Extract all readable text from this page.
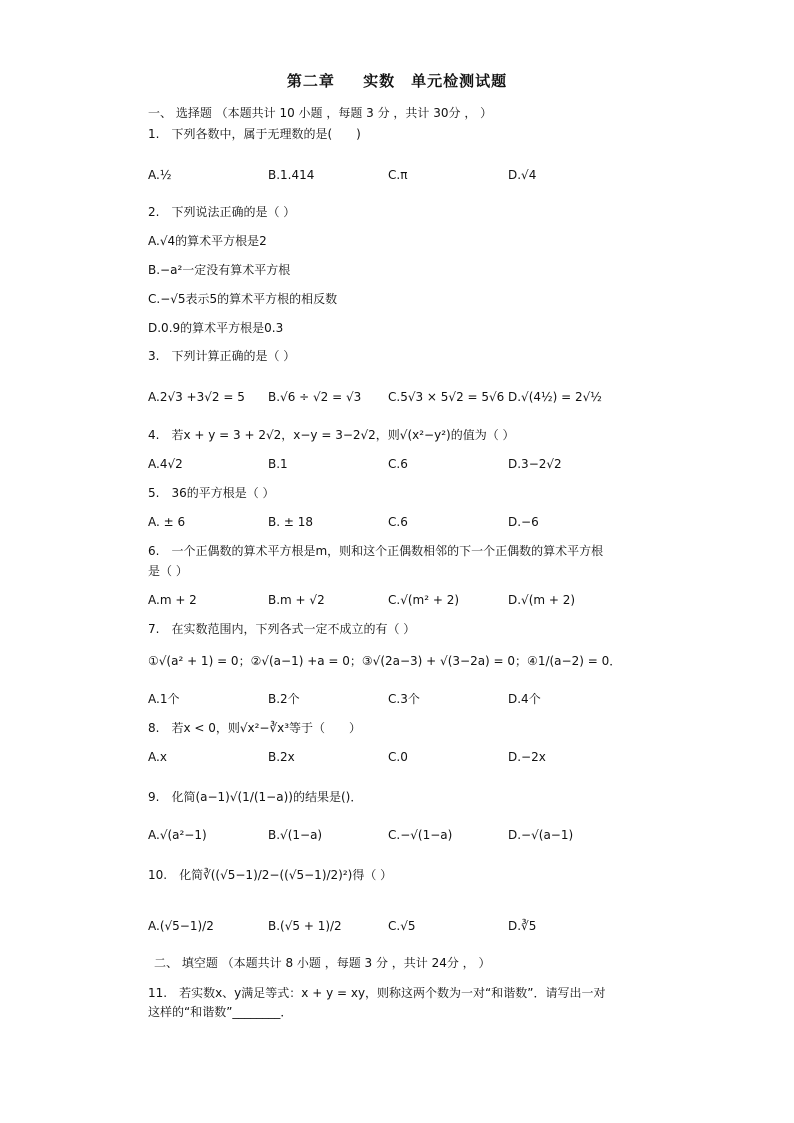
第二章　 实数　单元检测试题
一、 选择题 （本题共计 10 小题 ，每题 3 分 ，共计 30分 ， ）
1.　下列各数中，属于无理数的是(　　)
A.½	B.1.414	C.π	D.√4
2.　下列说法正确的是（ ）
A.√4的算术平方根是2
B.−a²一定没有算术平方根
C.−√5表示5的算术平方根的相反数
D.0.9的算术平方根是0.3
3.　下列计算正确的是（ ）
A.2√3 +3√2 = 5 B.√6 ÷ √2 = √3 C.5√3 × 5√2 = 5√6 D.√(4½) = 2√½
4.　若x + y = 3 + 2√2，x−y = 3−2√2，则√(x²−y²)的值为（ ）
A.4√2	B.1	C.6	D.3−2√2
5.　36的平方根是（ ）
A. ± 6	B. ± 18	C.6	D.−6
6.　一个正偶数的算术平方根是m，则和这个正偶数相邻的下一个正偶数的算术平方根
是（ ）
A.m + 2	B.m + √2	C.√(m² + 2)	D.√(m + 2)
7.　在实数范围内，下列各式一定不成立的有（ ）
①√(a² + 1) = 0；②√(a−1) +a = 0；③√(2a−3) + √(3−2a) = 0；④1/(a−2) = 0．
A.1个	B.2个	C.3个	D.4个
8.　若x < 0，则√x²−∛x³等于（　　）
A.x	B.2x	C.0	D.−2x
9.　化简(a−1)√(1/(1−a))的结果是()．
A.√(a²−1)	B.√(1−a)	C.−√(1−a)	D.−√(a−1)
10.　化简∛((√5−1)/2−((√5−1)/2)²)得（ ）
A.(√5−1)/2	B.(√5 + 1)/2	C.√5	D.∛5
二、 填空题 （本题共计 8 小题 ，每题 3 分 ，共计 24分 ， ）
11.　若实数x、y满足等式：x + y = xy，则称这两个数为一对“和谐数”．请写出一对
这样的“和谐数”________．
